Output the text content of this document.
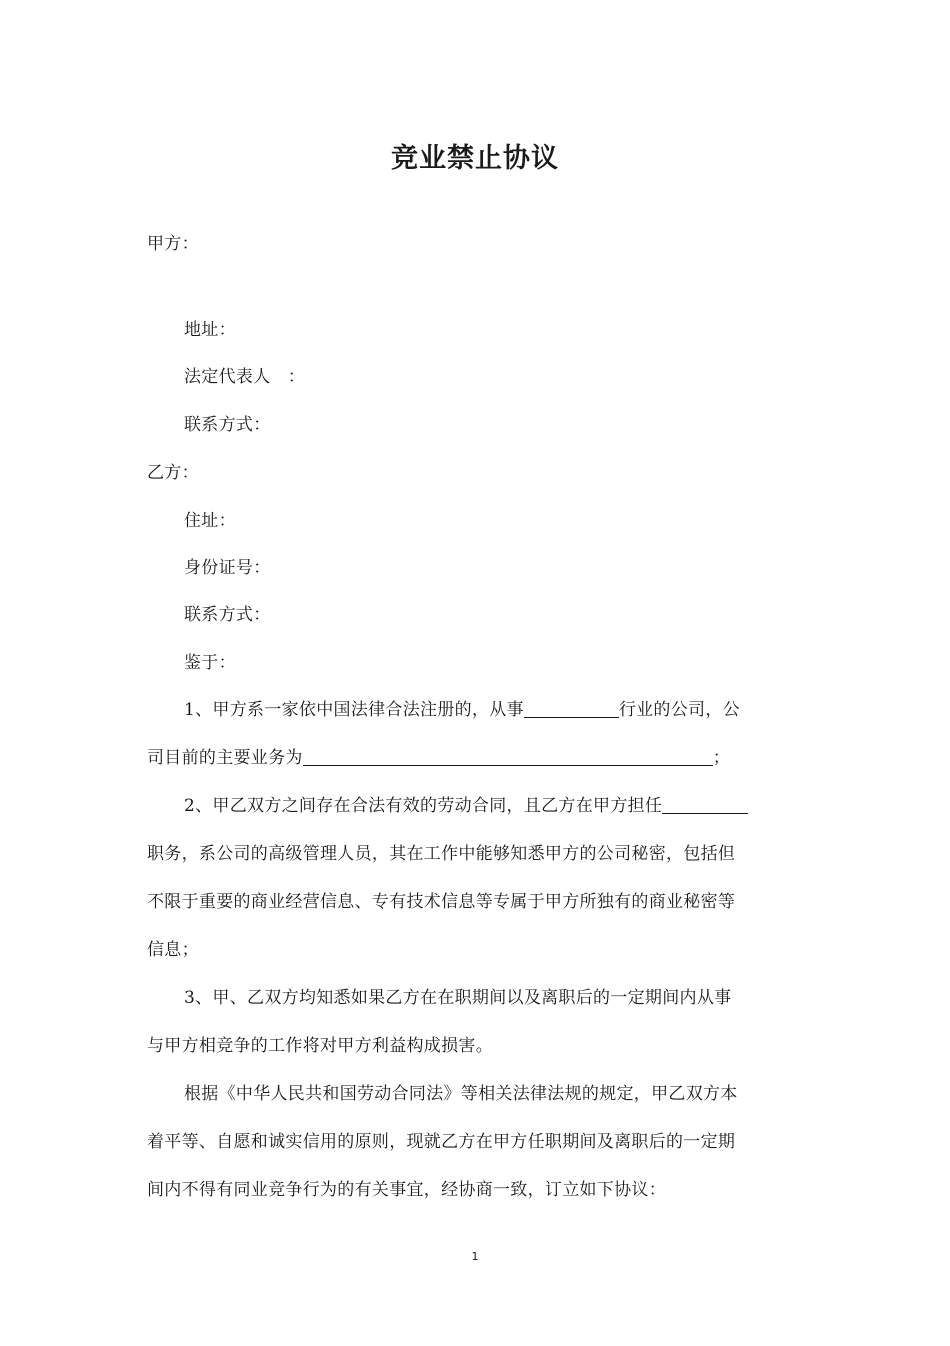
竞业禁止协议
甲方：
地址：
法定代表人　：
联系方式：
乙方：
住址：
身份证号：
联系方式：
鉴于：
1、甲方系一家依中国法律合法注册的，从事	行业的公司，公
司目前的主要业务为	；
2、甲乙双方之间存在合法有效的劳动合同，且乙方在甲方担任
职务，系公司的高级管理人员，其在工作中能够知悉甲方的公司秘密，包括但
不限于重要的商业经营信息、专有技术信息等专属于甲方所独有的商业秘密等
信息；
3、甲、乙双方均知悉如果乙方在在职期间以及离职后的一定期间内从事
与甲方相竞争的工作将对甲方利益构成损害。
根据《中华人民共和国劳动合同法》等相关法律法规的规定，甲乙双方本
着平等、自愿和诚实信用的原则，现就乙方在甲方任职期间及离职后的一定期
间内不得有同业竞争行为的有关事宜，经协商一致，订立如下协议：
1
